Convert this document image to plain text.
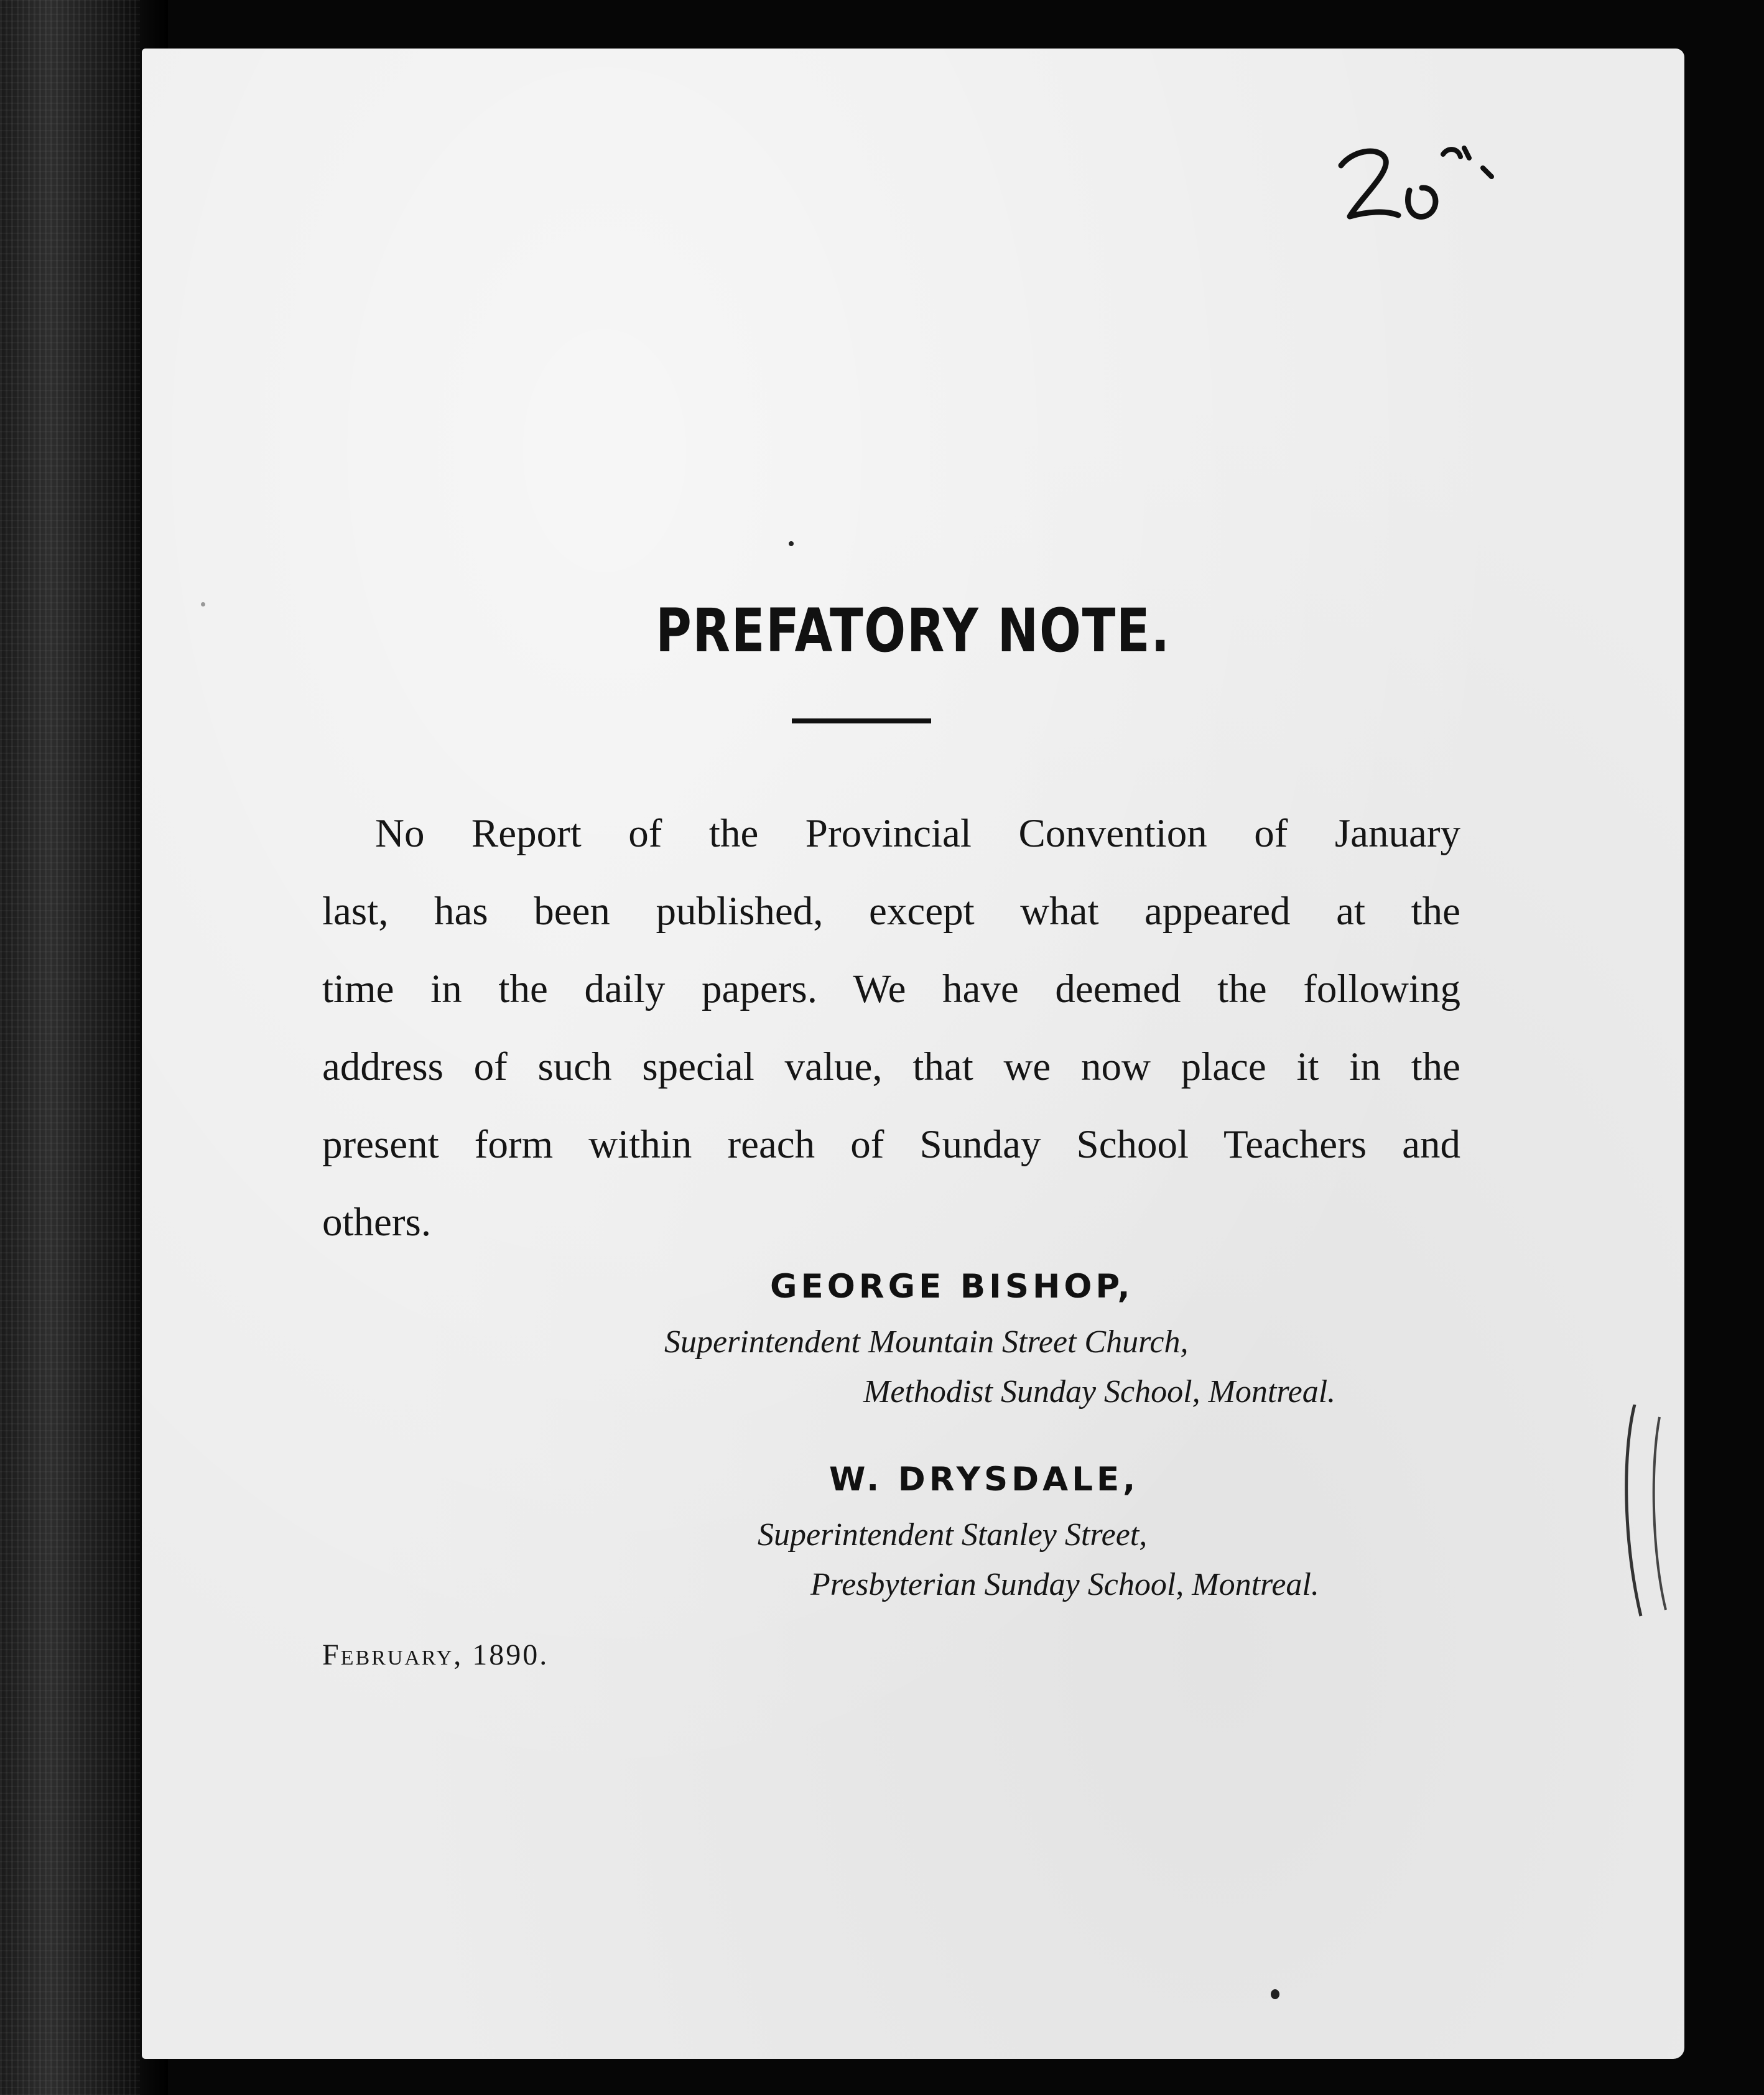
PREFATORY NOTE.
No Report of the Provincial Convention of January
last, has been published, except what appeared at the
time in the daily papers. We have deemed the following
address of such special value, that we now place it in the
present form within reach of Sunday School Teachers and
others.
GEORGE BISHOP,
Superintendent Mountain Street Church,
Methodist Sunday School, Montreal.
W. DRYSDALE,
Superintendent Stanley Street,
Presbyterian Sunday School, Montreal.
February, 1890.
